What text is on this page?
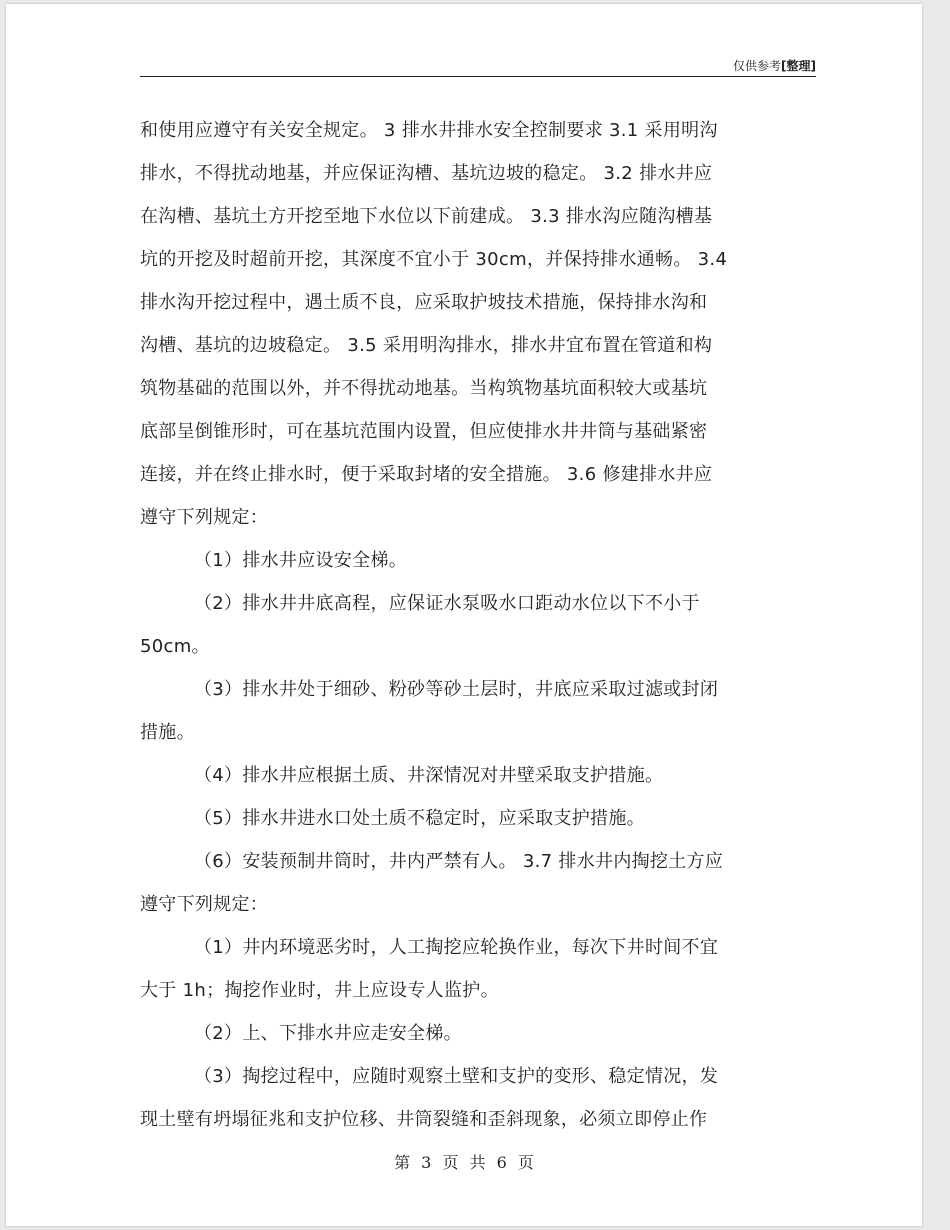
仅供参考[整理]
和使用应遵守有关安全规定。 3 排水井排水安全控制要求 3.1 采用明沟
排水，不得扰动地基，并应保证沟槽、基坑边坡的稳定。 3.2 排水井应
在沟槽、基坑土方开挖至地下水位以下前建成。 3.3 排水沟应随沟槽基
坑的开挖及时超前开挖，其深度不宜小于 30cm，并保持排水通畅。 3.4
排水沟开挖过程中，遇土质不良，应采取护坡技术措施，保持排水沟和
沟槽、基坑的边坡稳定。 3.5 采用明沟排水，排水井宜布置在管道和构
筑物基础的范围以外，并不得扰动地基。当构筑物基坑面积较大或基坑
底部呈倒锥形时，可在基坑范围内设置，但应使排水井井筒与基础紧密
连接，并在终止排水时，便于采取封堵的安全措施。 3.6 修建排水井应
遵守下列规定：
（1）排水井应设安全梯。
（2）排水井井底高程，应保证水泵吸水口距动水位以下不小于
50cm。
（3）排水井处于细砂、粉砂等砂土层时，井底应采取过滤或封闭
措施。
（4）排水井应根据土质、井深情况对井壁采取支护措施。
（5）排水井进水口处土质不稳定时，应采取支护措施。
（6）安装预制井筒时，井内严禁有人。 3.7 排水井内掏挖土方应
遵守下列规定：
（1）井内环境恶劣时，人工掏挖应轮换作业，每次下井时间不宜
大于 1h；掏挖作业时，井上应设专人监护。
（2）上、下排水井应走安全梯。
（3）掏挖过程中，应随时观察土壁和支护的变形、稳定情况，发
现土壁有坍塌征兆和支护位移、井筒裂缝和歪斜现象，必须立即停止作
第 3 页 共 6 页
